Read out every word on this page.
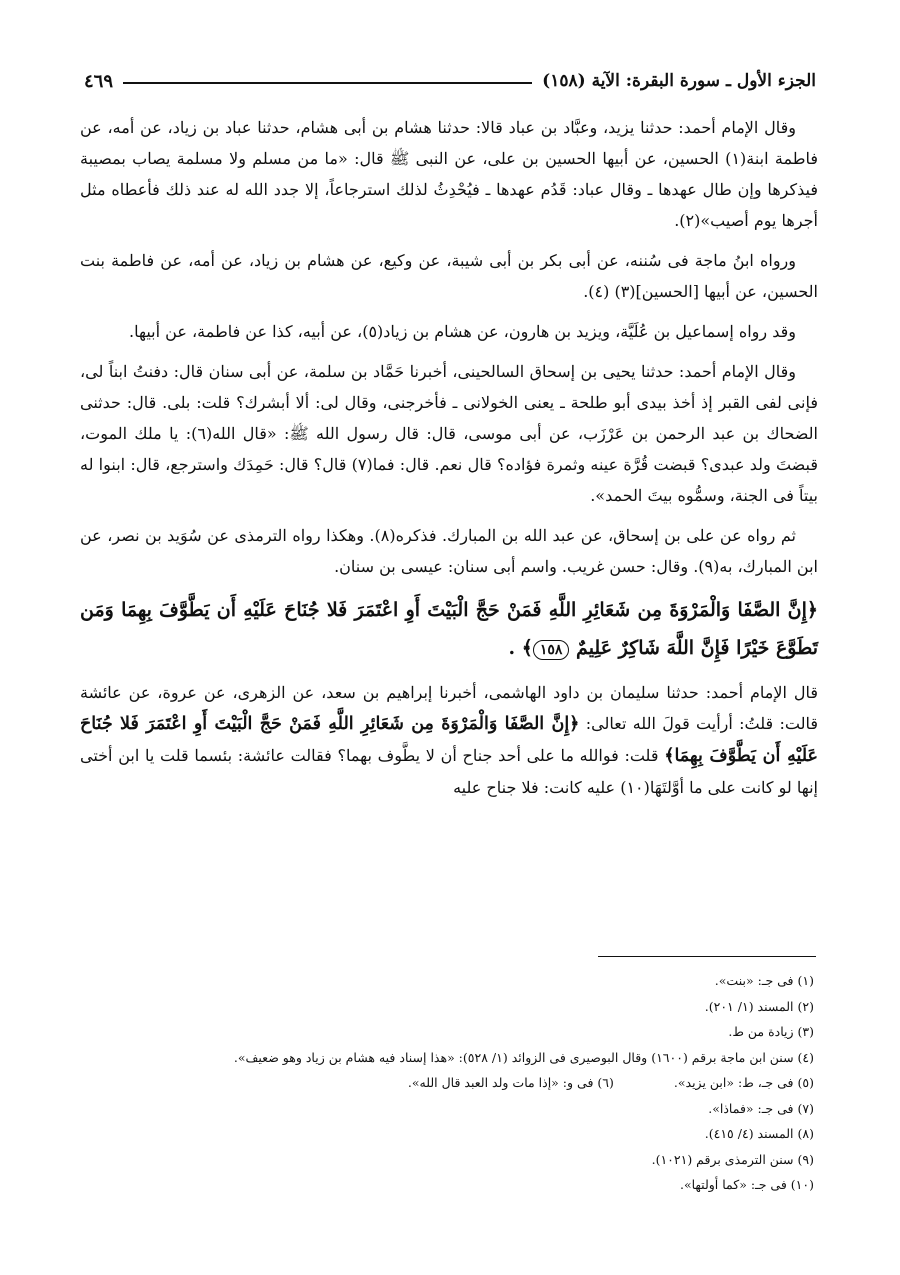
الجزء الأول ـ سورة البقرة: الآية (١٥٨)
٤٦٩

وقال الإمام أحمد: حدثنا يزيد، وعبَّاد بن عباد قالا: حدثنا هشام بن أبى هشام، حدثنا عباد بن زياد، عن أمه، عن فاطمة ابنة(١) الحسين، عن أبيها الحسين بن على، عن النبى ﷺ قال: «ما من مسلم ولا مسلمة يصاب بمصيبة فيذكرها وإن طال عهدها ـ وقال عباد: قَدُم عهدها ـ فيُحْدِثُ لذلك استرجاعاً، إلا جدد الله له عند ذلك فأعطاه مثل أجرها يوم أصيب»(٢).

ورواه ابنُ ماجة فى سُننه، عن أبى بكر بن أبى شيبة، عن وكيع، عن هشام بن زياد، عن أمه، عن فاطمة بنت الحسين، عن أبيها [الحسين](٣) (٤).

وقد رواه إسماعيل بن عُلَيَّة، ويزيد بن هارون، عن هشام بن زياد(٥)، عن أبيه، كذا عن فاطمة، عن أبيها.

وقال الإمام أحمد: حدثنا يحيى بن إسحاق السالحينى، أخبرنا حَمَّاد بن سلمة، عن أبى سنان قال: دفنتُ ابناً لى، فإنى لفى القبر إذ أخذ بيدى أبو طلحة ـ يعنى الخولانى ـ فأخرجنى، وقال لى: ألا أبشرك؟ قلت: بلى. قال: حدثنى الضحاك بن عبد الرحمن بن عَرْزَب، عن أبى موسى، قال: قال رسول الله ﷺ: «قال الله(٦): يا ملك الموت، قبضتَ ولد عبدى؟ قبضت قُرَّة عينه وثمرة فؤاده؟ قال نعم. قال: فما(٧) قال؟ قال: حَمِدَك واسترجع، قال: ابنوا له بيتاً فى الجنة، وسمُّوه بيتَ الحمد».

ثم رواه عن على بن إسحاق، عن عبد الله بن المبارك. فذكره(٨). وهكذا رواه الترمذى عن سُوَيد بن نصر، عن ابن المبارك، به(٩). وقال: حسن غريب. واسم أبى سنان: عيسى بن سنان.

﴿إِنَّ الصَّفَا وَالْمَرْوَةَ مِن شَعَائِرِ اللَّهِ فَمَنْ حَجَّ الْبَيْتَ أَوِ اعْتَمَرَ فَلا جُنَاحَ عَلَيْهِ أَن يَطَّوَّفَ بِهِمَا وَمَن تَطَوَّعَ خَيْرًا فَإِنَّ اللَّهَ شَاكِرٌ عَلِيمٌ ١٥٨﴾ .

قال الإمام أحمد: حدثنا سليمان بن داود الهاشمى، أخبرنا إبراهيم بن سعد، عن الزهرى، عن عروة، عن عائشة قالت: قلتُ: أرأيت قولَ الله تعالى: ﴿إِنَّ الصَّفَا وَالْمَرْوَةَ مِن شَعَائِرِ اللَّهِ فَمَنْ حَجَّ الْبَيْتَ أَوِ اعْتَمَرَ فَلا جُنَاحَ عَلَيْهِ أَن يَطَّوَّفَ بِهِمَا﴾ قلت: فوالله ما على أحد جناح أن لا يطَّوف بهما؟ فقالت عائشة: بئسما قلت يا ابن أختى إنها لو كانت على ما أوَّلتَهَا(١٠) عليه كانت: فلا جناح عليه

(١) فى جـ: «بنت».
(٢) المسند (١/ ٢٠١).
(٣) زيادة من ط.
(٤) سنن ابن ماجة برقم (١٦٠٠) وقال البوصيرى فى الزوائد (١/ ٥٢٨): «هذا إسناد فيه هشام بن زياد وهو ضعيف».
(٥) فى جـ، ط: «ابن يزيد».
(٦) فى و: «إذا مات ولد العبد قال الله».
(٧) فى جـ: «فماذا».
(٨) المسند (٤/ ٤١٥).
(٩) سنن الترمذى برقم (١٠٢١).
(١٠) فى جـ: «كما أولتها».
